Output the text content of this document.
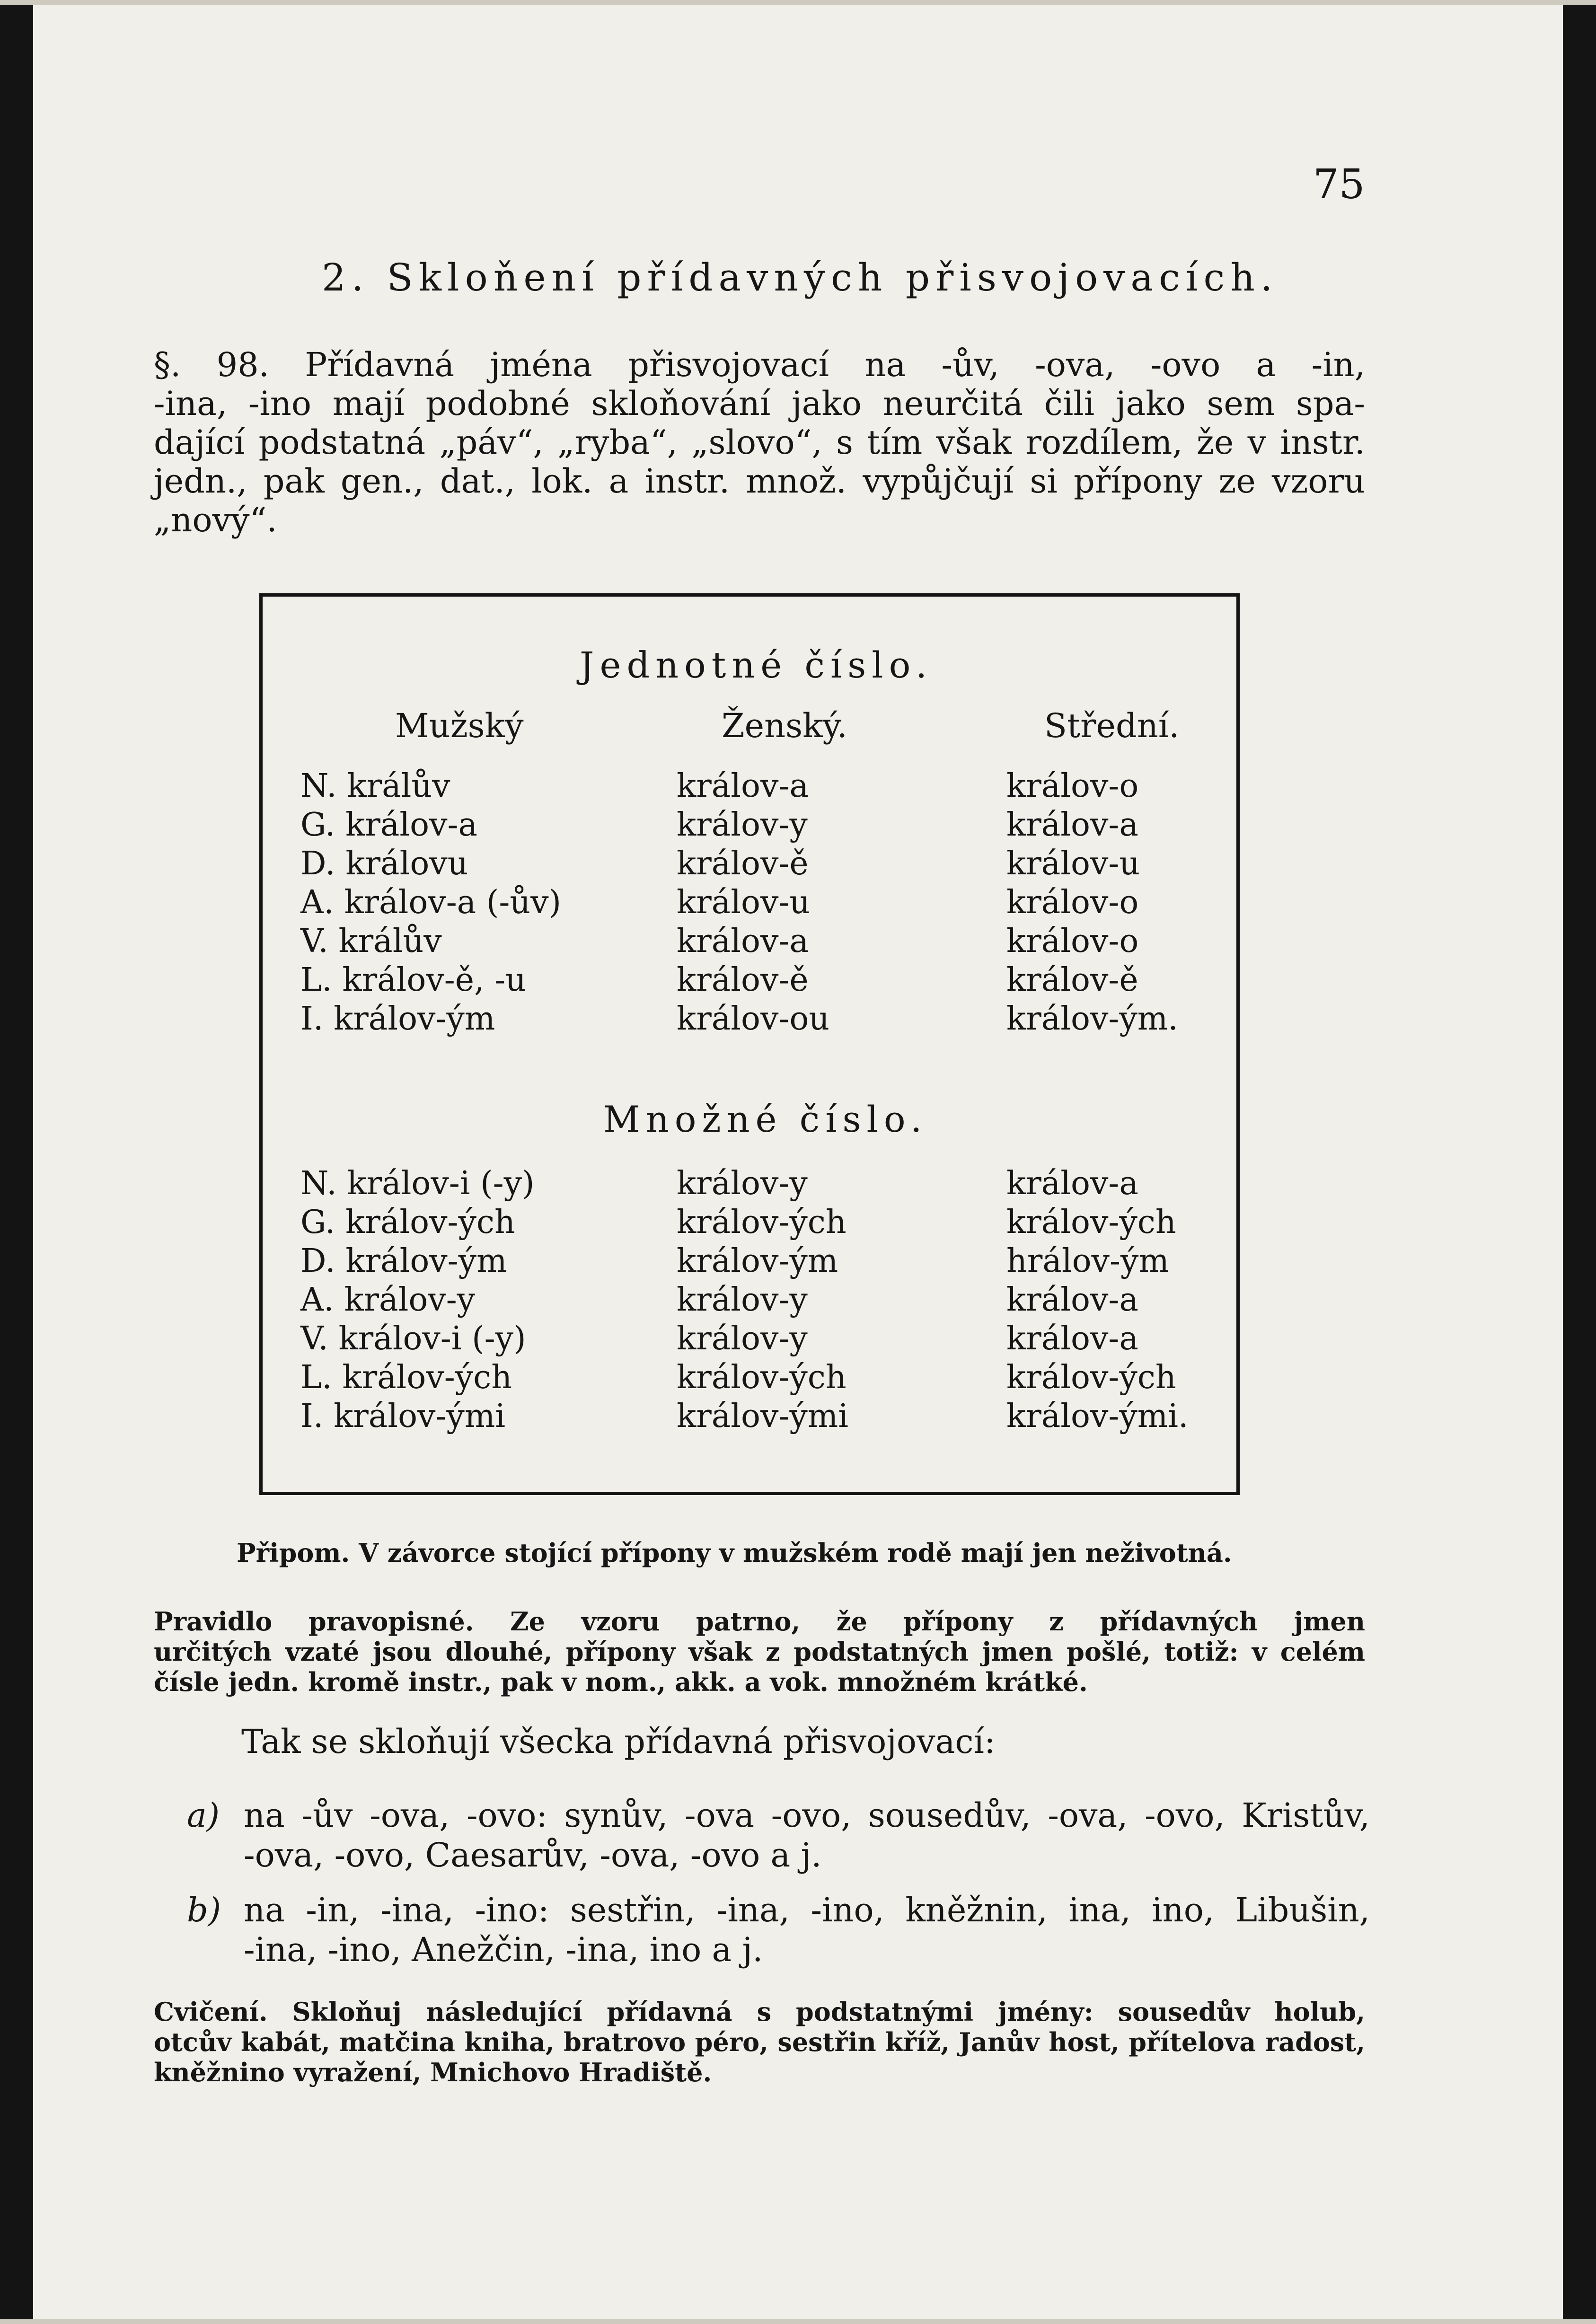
75
2. Skloňení přídavných přisvojovacích.
§. 98. Přídavná jména přisvojovací na -ův, -ova, -ovo a -in,
-ina, -ino mají podobné skloňování jako neurčitá čili jako sem spa-
dající podstatná „páv“, „ryba“, „slovo“, s tím však rozdílem, že v instr.
jedn., pak gen., dat., lok. a instr. množ. vypůjčují si přípony ze vzoru
„nový“.
Jednotné číslo.
Mužský	Ženský.	Střední.
N. králův
G. králov-a
D. královu
A. králov-a (-ův)
V. králův
L. králov-ě, -u
I. králov-ým
králov-a
králov-y
králov-ě
králov-u
králov-a
králov-ě
králov-ou
králov-o
králov-a
králov-u
králov-o
králov-o
králov-ě
králov-ým.
Množné číslo.
N. králov-i (-y)
G. králov-ých
D. králov-ým
A. králov-y
V. králov-i (-y)
L. králov-ých
I. králov-ými
králov-y
králov-ých
králov-ým
králov-y
králov-y
králov-ých
králov-ými
králov-a
králov-ých
hrálov-ým
králov-a
králov-a
králov-ých
králov-ými.
Připom. V závorce stojící přípony v mužském rodě mají jen neživotná.
Pravidlo pravopisné. Ze vzoru patrno, že přípony z přídavných jmen
určitých vzaté jsou dlouhé, přípony však z podstatných jmen pošlé, totiž: v celém
čísle jedn. kromě instr., pak v nom., akk. a vok. množném krátké.
Tak se skloňují všecka přídavná přisvojovací:
a) na -ův -ova, -ovo: synův, -ova -ovo, sousedův, -ova, -ovo, Kristův,
-ova, -ovo, Caesarův, -ova, -ovo a j.
b) na -in, -ina, -ino: sestřin, -ina, -ino, kněžnin, ina, ino, Libušin,
-ina, -ino, Anežčin, -ina, ino a j.
Cvičení. Skloňuj následující přídavná s podstatnými jmény: sousedův holub,
otcův kabát, matčina kniha, bratrovo péro, sestřin kříž, Janův host, přítelova radost,
kněžnino vyražení, Mnichovo Hradiště.
